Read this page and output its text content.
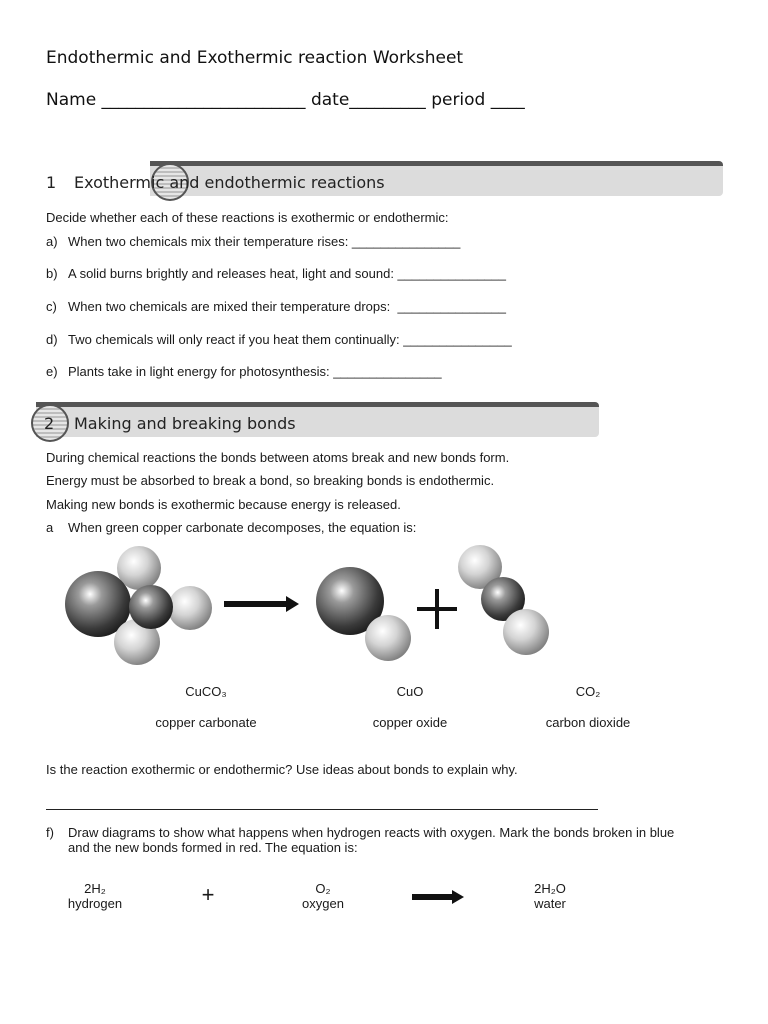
Endothermic and Exothermic reaction Worksheet
Name ________________________ date_________ period ____
1 Exothermic and endothermic reactions
Decide whether each of these reactions is exothermic or endothermic:
a) When two chemicals mix their temperature rises: _______________
b) A solid burns brightly and releases heat, light and sound: _______________
c) When two chemicals are mixed their temperature drops:  _______________
d) Two chemicals will only react if you heat them continually: _______________
e) Plants take in light energy for photosynthesis: _______________
2 Making and breaking bonds
During chemical reactions the bonds between atoms break and new bonds form.
Energy must be absorbed to break a bond, so breaking bonds is endothermic.
Making new bonds is exothermic because energy is released.
a When green copper carbonate decomposes, the equation is:
CuCO₃
copper carbonate
CuO
copper oxide
CO₂
carbon dioxide
Is the reaction exothermic or endothermic? Use ideas about bonds to explain why.
f) Draw diagrams to show what happens when hydrogen reacts with oxygen. Mark the bonds broken in blue
and the new bonds formed in red. The equation is:
2H₂
hydrogen	+	O₂
oxygen
2H₂O
water
